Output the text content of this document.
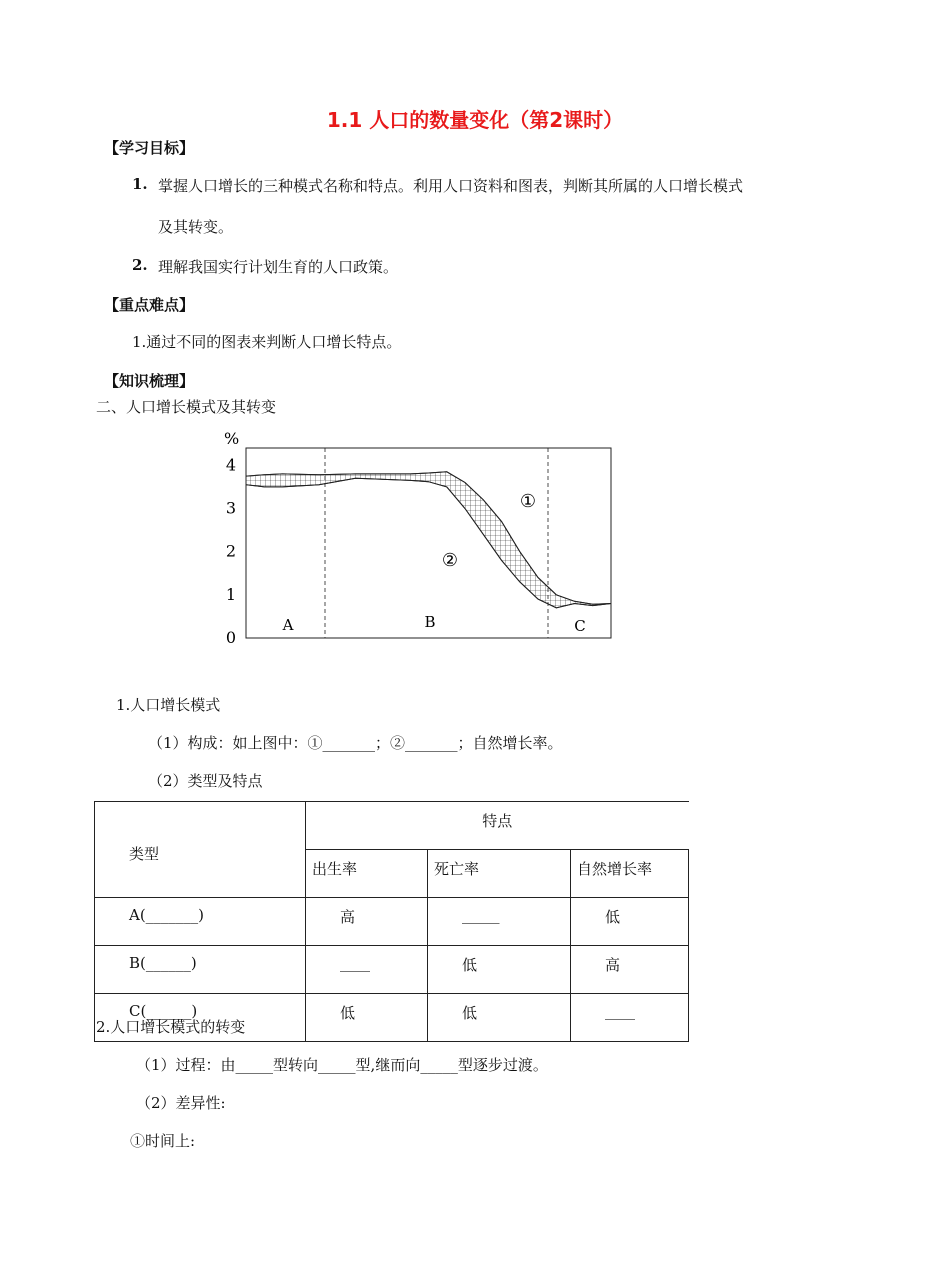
1.1 人口的数量变化（第2课时）
【学习目标】
1. 掌握人口增长的三种模式名称和特点。利用人口资料和图表，判断其所属的人口增长模式
及其转变。
2. 理解我国实行计划生育的人口政策。
【重点难点】
1.通过不同的图表来判断人口增长特点。
【知识梳理】
二、人口增长模式及其转变
%
4
3
2
1
0
A	B	C
①
②
1.人口增长模式
（1）构成：如上图中：①_______；②_______；自然增长率。
（2）类型及特点
类型	特点		
	出生率	死亡率	自然增长率
A(_______)	高	_____	低
B(______)	____	低	高
C(______)	低	低	____
2.人口增长模式的转变
（1）过程：由_____型转向_____型,继而向_____型逐步过渡。
（2）差异性:
①时间上:
